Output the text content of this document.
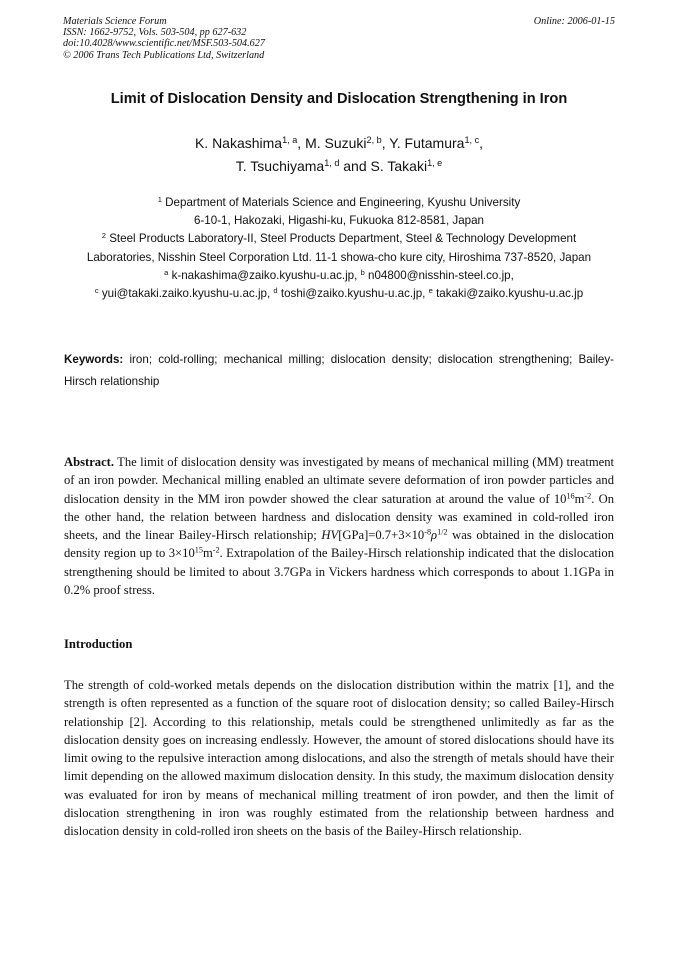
Materials Science Forum
ISSN: 1662-9752, Vols. 503-504, pp 627-632
doi:10.4028/www.scientific.net/MSF.503-504.627
© 2006 Trans Tech Publications Ltd, Switzerland
Online: 2006-01-15
Limit of Dislocation Density and Dislocation Strengthening in Iron
K. Nakashima$^{1, a}$, M. Suzuki$^{2, b}$, Y. Futamura$^{1, c}$,
T. Tsuchiyama$^{1, d}$ and S. Takaki$^{1, e}$
$^1$ Department of Materials Science and Engineering, Kyushu University
6-10-1, Hakozaki, Higashi-ku, Fukuoka 812-8581, Japan
$^2$ Steel Products Laboratory-II, Steel Products Department, Steel & Technology Development
Laboratories, Nisshin Steel Corporation Ltd. 11-1 showa-cho kure city, Hiroshima 737-8520, Japan
$^a$ k-nakashima@zaiko.kyushu-u.ac.jp, $^b$ n04800@nisshin-steel.co.jp,
$^c$ yui@takaki.zaiko.kyushu-u.ac.jp, $^d$ toshi@zaiko.kyushu-u.ac.jp, $^e$ takaki@zaiko.kyushu-u.ac.jp
Keywords: iron; cold-rolling; mechanical milling; dislocation density; dislocation strengthening; Bailey-Hirsch relationship
Abstract. The limit of dislocation density was investigated by means of mechanical milling (MM) treatment of an iron powder. Mechanical milling enabled an ultimate severe deformation of iron powder particles and dislocation density in the MM iron powder showed the clear saturation at around the value of $10^{16}m^{-2}$. On the other hand, the relation between hardness and dislocation density was examined in cold-rolled iron sheets, and the linear Bailey-Hirsch relationship; $HV[GPa]=0.7+3\times 10^{-8}\rho^{1/2}$ was obtained in the dislocation density region up to $3\times 10^{15}m^{-2}$. Extrapolation of the Bailey-Hirsch relationship indicated that the dislocation strengthening should be limited to about 3.7GPa in Vickers hardness which corresponds to about 1.1GPa in 0.2% proof stress.
Introduction
The strength of cold-worked metals depends on the dislocation distribution within the matrix [1], and the strength is often represented as a function of the square root of dislocation density; so called Bailey-Hirsch relationship [2]. According to this relationship, metals could be strengthened unlimitedly as far as the dislocation density goes on increasing endlessly. However, the amount of stored dislocations should have its limit owing to the repulsive interaction among dislocations, and also the strength of metals should have their limit depending on the allowed maximum dislocation density. In this study, the maximum dislocation density was evaluated for iron by means of mechanical milling treatment of iron powder, and then the limit of dislocation strengthening in iron was roughly estimated from the relationship between hardness and dislocation density in cold-rolled iron sheets on the basis of the Bailey-Hirsch relationship.
